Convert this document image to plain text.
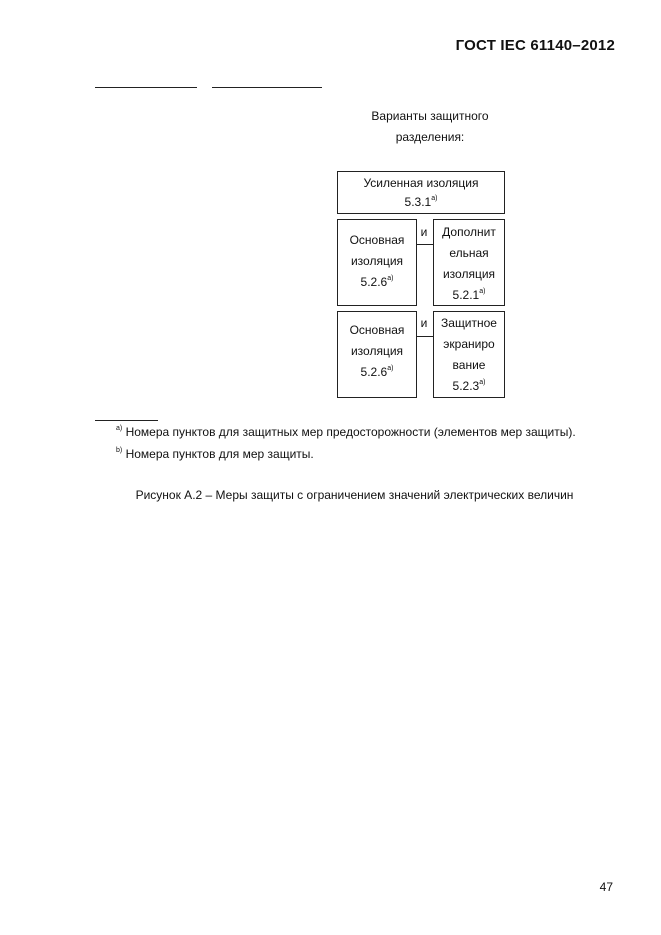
ГОСТ IEC 61140–2012
Варианты защитного
разделения:
Усиленная изоляция
5.3.1$^{a)}$
Основная
изоляция
5.2.6$^{a)}$
и	Дополнит
ельная
изоляция
5.2.1$^{a)}$
Основная
изоляция
5.2.6$^{a)}$
и	Защитное
экраниро
вание
5.2.3$^{a)}$
$^{a)}$ Номера пунктов для защитных мер предосторожности (элементов мер защиты).
$^{b)}$ Номера пунктов для мер защиты.
Рисунок А.2 – Меры защиты с ограничением значений электрических величин
47
